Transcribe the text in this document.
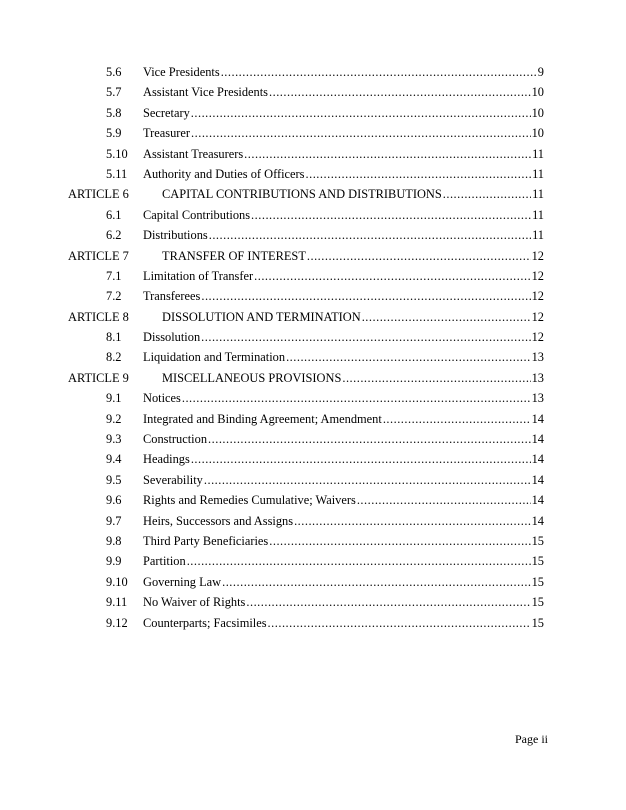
5.6 Vice Presidents .....	9
5.7 Assistant Vice Presidents .....	10
5.8 Secretary .....	10
5.9 Treasurer .....	10
5.10 Assistant Treasurers .....	11
5.11 Authority and Duties of Officers .....	11
ARTICLE 6	CAPITAL CONTRIBUTIONS AND DISTRIBUTIONS .....	11
6.1 Capital Contributions .....	11
6.2 Distributions .....	11
ARTICLE 7	TRANSFER OF INTEREST .....	12
7.1 Limitation of Transfer .....	12
7.2 Transferees .....	12
ARTICLE 8	DISSOLUTION AND TERMINATION .....	12
8.1 Dissolution .....	12
8.2 Liquidation and Termination .....	13
ARTICLE 9	MISCELLANEOUS PROVISIONS .....	13
9.1 Notices .....	13
9.2 Integrated and Binding Agreement; Amendment .....	14
9.3 Construction .....	14
9.4 Headings .....	14
9.5 Severability .....	14
9.6 Rights and Remedies Cumulative; Waivers .....	14
9.7 Heirs, Successors and Assigns .....	14
9.8 Third Party Beneficiaries .....	15
9.9 Partition .....	15
9.10 Governing Law .....	15
9.11 No Waiver of Rights .....	15
9.12 Counterparts; Facsimiles .....	15
Page ii
